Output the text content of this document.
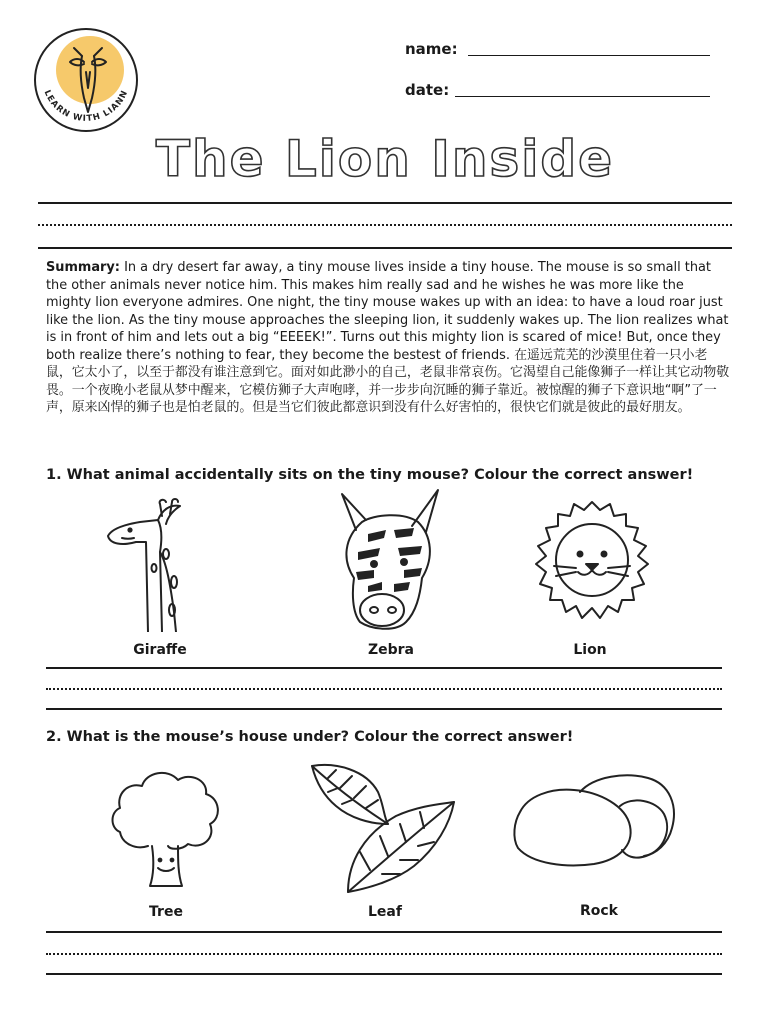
LEARN WITH LIANN
name:
date:
The Lion Inside
Summary: In a dry desert far away, a tiny mouse lives inside a tiny house. The mouse is so small that the other animals never notice him. This makes him really sad and he wishes he was more like the mighty lion everyone admires. One night, the tiny mouse wakes up with an idea: to have a loud roar just like the lion. As the tiny mouse approaches the sleeping lion, it suddenly wakes up. The lion realizes what is in front of him and lets out a big “EEEEK!”. Turns out this mighty lion is scared of mice! But, once they both realize there’s nothing to fear, they become the bestest of friends. 在遥远荒芜的沙漠里住着一只小老鼠，它太小了，以至于都没有谁注意到它。面对如此渺小的自己，老鼠非常哀伤。它渴望自己能像狮子一样让其它动物敬畏。一个夜晚小老鼠从梦中醒来，它模仿狮子大声咆哮，并一步步向沉睡的狮子靠近。被惊醒的狮子下意识地“啊”了一声，原来凶悍的狮子也是怕老鼠的。但是当它们彼此都意识到没有什么好害怕的，很快它们就是彼此的最好朋友。
1. What animal accidentally sits on the tiny mouse? Colour the correct answer!
Giraffe	Zebra	Lion
2. What is the mouse’s house under? Colour the correct answer!
Tree	Leaf	Rock
